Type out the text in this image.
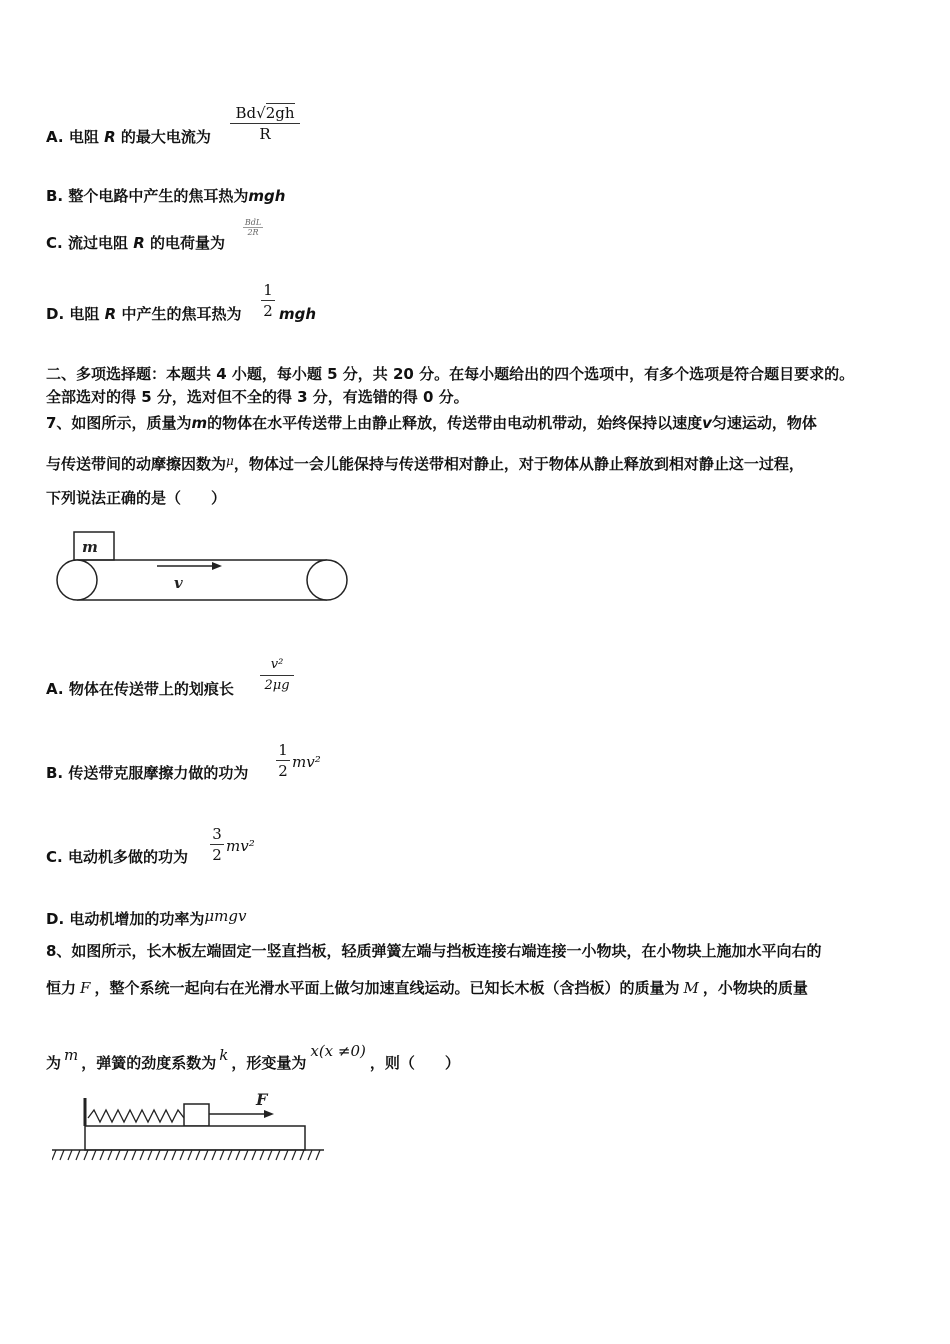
A. 电阻 R 的最大电流为
Bd√2gh
R
B. 整个电路中产生的焦耳热为mgh
C. 流过电阻 R 的电荷量为
BdL
2R
D. 电阻 R 中产生的焦耳热为
1
2 mgh
二、多项选择题：本题共 4 小题，每小题 5 分，共 20 分。在每小题给出的四个选项中，有多个选项是符合题目要求的。
全部选对的得 5 分，选对但不全的得 3 分，有选错的得 0 分。
7、如图所示，质量为m的物体在水平传送带上由静止释放，传送带由电动机带动，始终保持以速度v匀速运动，物体
与传送带间的动摩擦因数为$^\mu$，物体过一会儿能保持与传送带相对静止，对于物体从静止释放到相对静止这一过程，
下列说法正确的是（　　）
m
v
A. 物体在传送带上的划痕长
v²
2μg
B. 传送带克服摩擦力做的功为
1
2 mv²
C. 电动机多做的功为
3
2 mv²
D. 电动机增加的功率为μmgv
8、如图所示，长木板左端固定一竖直挡板，轻质弹簧左端与挡板连接右端连接一小物块，在小物块上施加水平向右的
恒力 F ，整个系统一起向右在光滑水平面上做匀加速直线运动。已知长木板（含挡板）的质量为 M ，小物块的质量
为 m ，弹簧的劲度系数为 k ，形变量为x(x ≠0)，则（　　）
F
